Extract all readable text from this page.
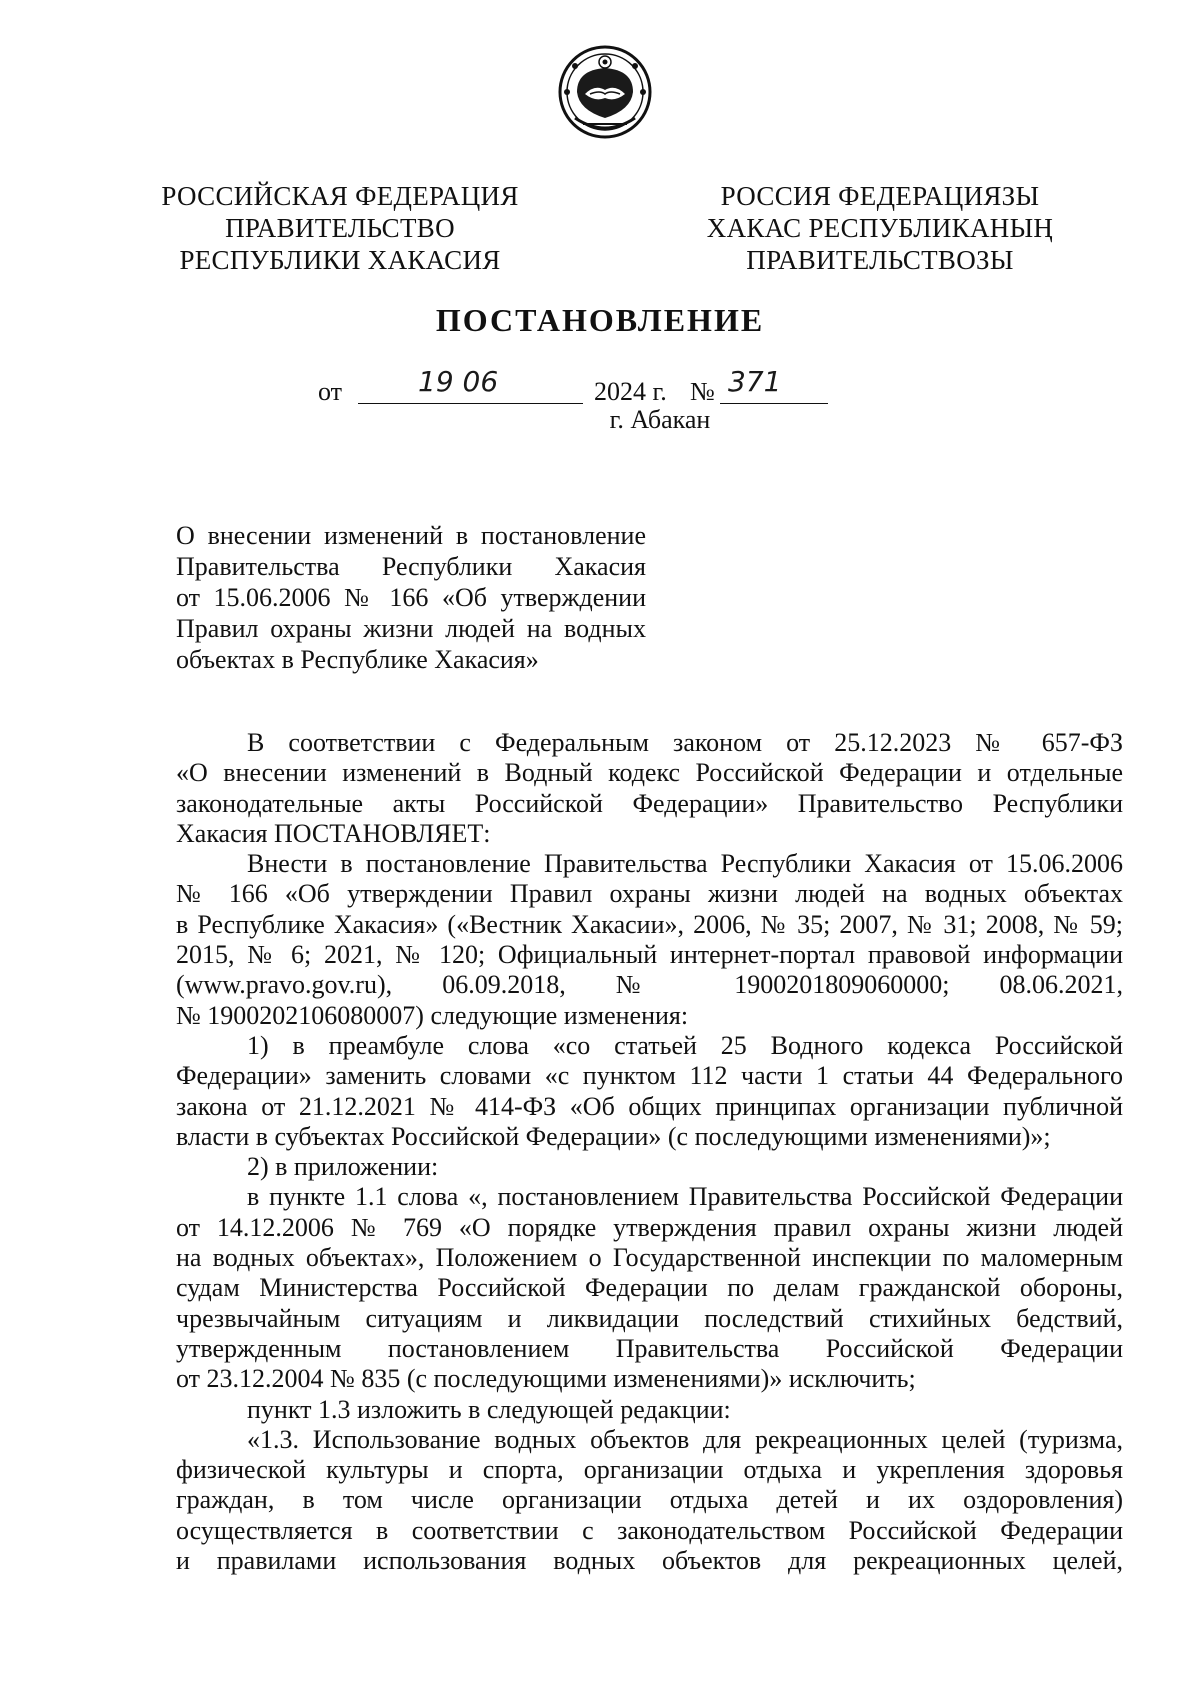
РОССИЙСКАЯ ФЕДЕРАЦИЯ
ПРАВИТЕЛЬСТВО
РЕСПУБЛИКИ ХАКАСИЯ
РОССИЯ ФЕДЕРАЦИЯЗЫ
ХАКАС РЕСПУБЛИКАНЫҢ
ПРАВИТЕЛЬСТВОЗЫ
ПОСТАНОВЛЕНИЕ
от	19 06	2024 г. № 371
г. Абакан
О внесении изменений в постановление
Правительства Республики Хакасия
от 15.06.2006 № 166 «Об утверждении
Правил охраны жизни людей на водных
объектах в Республике Хакасия»
В соответствии с Федеральным законом от 25.12.2023 № 657-ФЗ
«О внесении изменений в Водный кодекс Российской Федерации и отдельные
законодательные акты Российской Федерации» Правительство Республики
Хакасия ПОСТАНОВЛЯЕТ:
Внести в постановление Правительства Республики Хакасия от 15.06.2006
№ 166 «Об утверждении Правил охраны жизни людей на водных объектах
в Республике Хакасия» («Вестник Хакасии», 2006, № 35; 2007, № 31; 2008, № 59;
2015, № 6; 2021, № 120; Официальный интернет-портал правовой информации
(www.pravo.gov.ru), 06.09.2018, № 1900201809060000; 08.06.2021,
№ 1900202106080007) следующие изменения:
1) в преамбуле слова «со статьей 25 Водного кодекса Российской
Федерации» заменить словами «с пунктом 112 части 1 статьи 44 Федерального
закона от 21.12.2021 № 414-ФЗ «Об общих принципах организации публичной
власти в субъектах Российской Федерации» (с последующими изменениями)»;
2) в приложении:
в пункте 1.1 слова «, постановлением Правительства Российской Федерации
от 14.12.2006 № 769 «О порядке утверждения правил охраны жизни людей
на водных объектах», Положением о Государственной инспекции по маломерным
судам Министерства Российской Федерации по делам гражданской обороны,
чрезвычайным ситуациям и ликвидации последствий стихийных бедствий,
утвержденным постановлением Правительства Российской Федерации
от 23.12.2004 № 835 (с последующими изменениями)» исключить;
пункт 1.3 изложить в следующей редакции:
«1.3. Использование водных объектов для рекреационных целей (туризма,
физической культуры и спорта, организации отдыха и укрепления здоровья
граждан, в том числе организации отдыха детей и их оздоровления)
осуществляется в соответствии с законодательством Российской Федерации
и правилами использования водных объектов для рекреационных целей,
